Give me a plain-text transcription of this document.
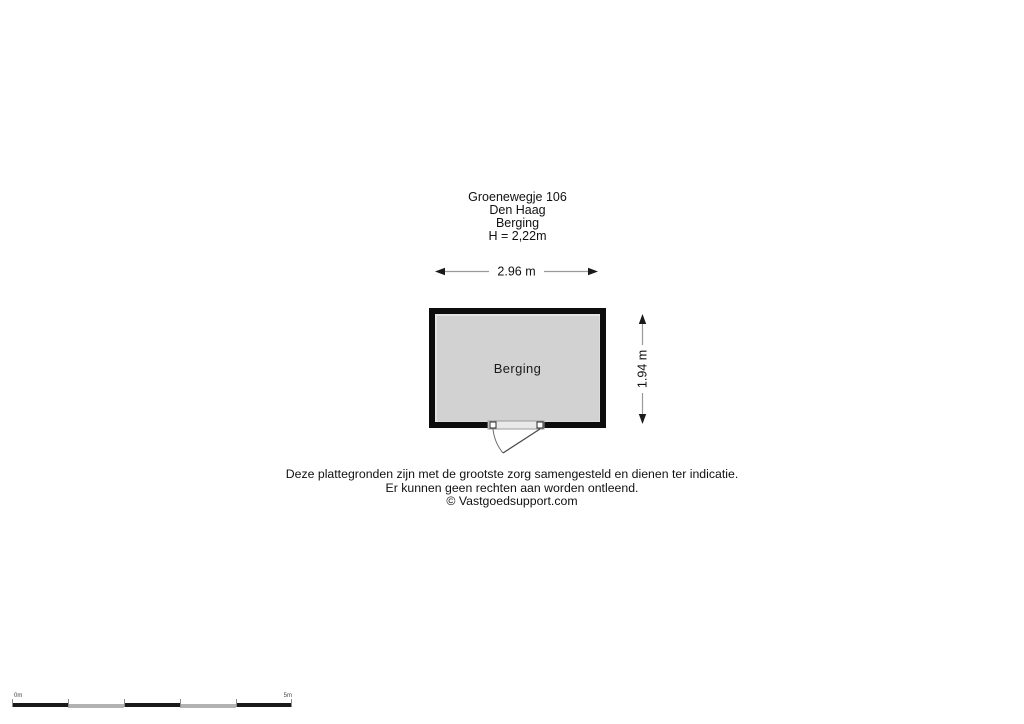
Groenewegje 106
Den Haag
Berging
H = 2,22m
2.96 m
Berging	1.94 m
Deze plattegronden zijn met de grootste zorg samengesteld en dienen ter indicatie.
Er kunnen geen rechten aan worden ontleend.
© Vastgoedsupport.com
0m	5m
